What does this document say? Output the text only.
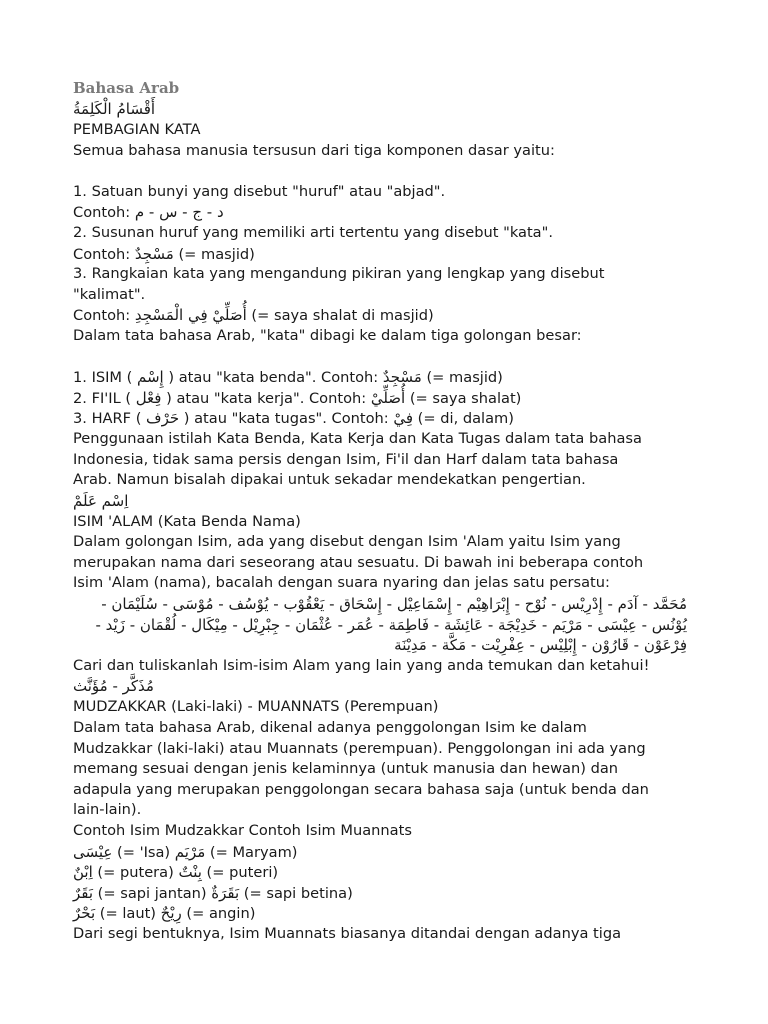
Bahasa Arab
أَقْسَامُ الْكَلِمَةُ
PEMBAGIAN KATA
Semua bahasa manusia tersusun dari tiga komponen dasar yaitu:
1. Satuan bunyi yang disebut "huruf" atau "abjad".
Contoh: د - ج - س - م
2. Susunan huruf yang memiliki arti tertentu yang disebut "kata".
Contoh: مَسْجِدٌ (= masjid)
3. Rangkaian kata yang mengandung pikiran yang lengkap yang disebut
"kalimat".
Contoh: أُصَلِّيْ فِي الْمَسْجِدِ (= saya shalat di masjid)
Dalam tata bahasa Arab, "kata" dibagi ke dalam tiga golongan besar:
1. ISIM ( إِسْم ) atau "kata benda". Contoh: مَسْجِدٌ (= masjid)
2. FI'IL ( فِعْل ) atau "kata kerja". Contoh: أُصَلِّيْ (= saya shalat)
3. HARF ( حَرْف ) atau "kata tugas". Contoh: فِيْ (= di, dalam)
Penggunaan istilah Kata Benda, Kata Kerja dan Kata Tugas dalam tata bahasa
Indonesia, tidak sama persis dengan Isim, Fi'il dan Harf dalam tata bahasa
Arab. Namun bisalah dipakai untuk sekadar mendekatkan pengertian.
اِسْم عَلَمْ
ISIM 'ALAM (Kata Benda Nama)
Dalam golongan Isim, ada yang disebut dengan Isim 'Alam yaitu Isim yang
merupakan nama dari seseorang atau sesuatu. Di bawah ini beberapa contoh
Isim 'Alam (nama), bacalah dengan suara nyaring dan jelas satu persatu:
مُحَمَّد - آدَم - إِدْرِيْس - نُوْح - إِبْرَاهِيْم - إِسْمَاعِيْل - إِسْحَاق - يَعْقُوْب - يُوْسُف - مُوْسَى - سُلَيْمَان -
يُوْنُس - عِيْسَى - مَرْيَم - خَدِيْجَة - عَائِشَة - فَاطِمَة - عُمَر - عُثْمَان - جِبْرِيْل - مِيْكَال - لُقْمَان - زَيْد -
فِرْعَوْن - قَارُوْن - إِبْلِيْس - عِفْرِيْت - مَكَّة - مَدِيْنَة
Cari dan tuliskanlah Isim-isim Alam yang lain yang anda temukan dan ketahui!
مُذَكَّر - مُؤَنَّث
MUDZAKKAR (Laki-laki) - MUANNATS (Perempuan)
Dalam tata bahasa Arab, dikenal adanya penggolongan Isim ke dalam
Mudzakkar (laki-laki) atau Muannats (perempuan). Penggolongan ini ada yang
memang sesuai dengan jenis kelaminnya (untuk manusia dan hewan) dan
adapula yang merupakan penggolongan secara bahasa saja (untuk benda dan
lain-lain).
Contoh Isim Mudzakkar Contoh Isim Muannats
عِيْسَى (= 'Isa) مَرْيَم (= Maryam)
اِبْنٌ (= putera) بِنْتٌ (= puteri)
بَقَرٌ (= sapi jantan) بَقَرَةٌ (= sapi betina)
بَحْرٌ (= laut) رِيْحٌ (= angin)
Dari segi bentuknya, Isim Muannats biasanya ditandai dengan adanya tiga
